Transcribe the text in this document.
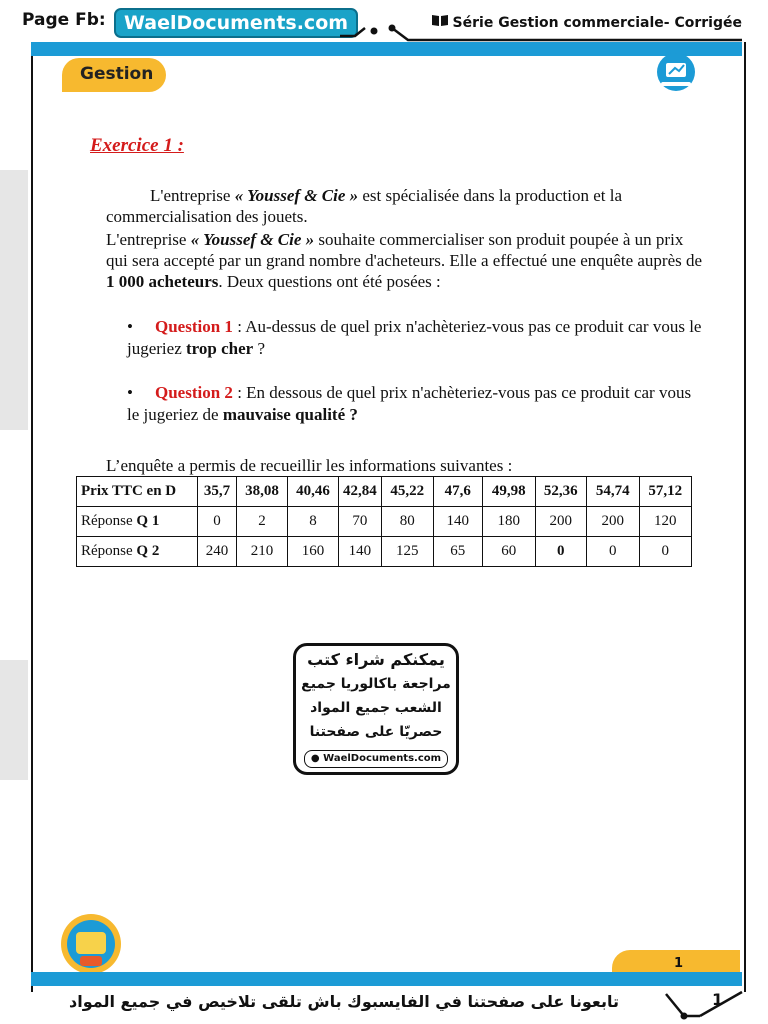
Page Fb: WaelDocuments.com	Série Gestion commerciale- Corrigée
Gestion
Exercice 1 :
L'entreprise « Youssef & Cie » est spécialisée dans la production et la commercialisation des jouets.
L'entreprise « Youssef & Cie » souhaite commercialiser son produit poupée à un prix qui sera accepté par un grand nombre d'acheteurs. Elle a effectué une enquête auprès de 1 000 acheteurs. Deux questions ont été posées :
• Question 1 : Au-dessus de quel prix n'achèteriez-vous pas ce produit car vous le jugeriez trop cher ?
• Question 2 : En dessous de quel prix n'achèteriez-vous pas ce produit car vous le jugeriez de mauvaise qualité ?
L’enquête a permis de recueillir les informations suivantes :
Prix TTC en D	35,7	38,08	40,46	42,84	45,22	47,6	49,98	52,36	54,74	57,12
Réponse Q 1	0	2	8	70	80	140	180	200	200	120
Réponse Q 2	240	210	160	140	125	65	60	0	0	0
يمكنكم شراء كتب
مراجعة باكالوريا جميع
الشعب جميع المواد
حصريّا على صفحتنا
● WaelDocuments.com
1
تابعونا على صفحتنا في الفايسبوك باش تلقى تلاخيص في جميع المواد	1
